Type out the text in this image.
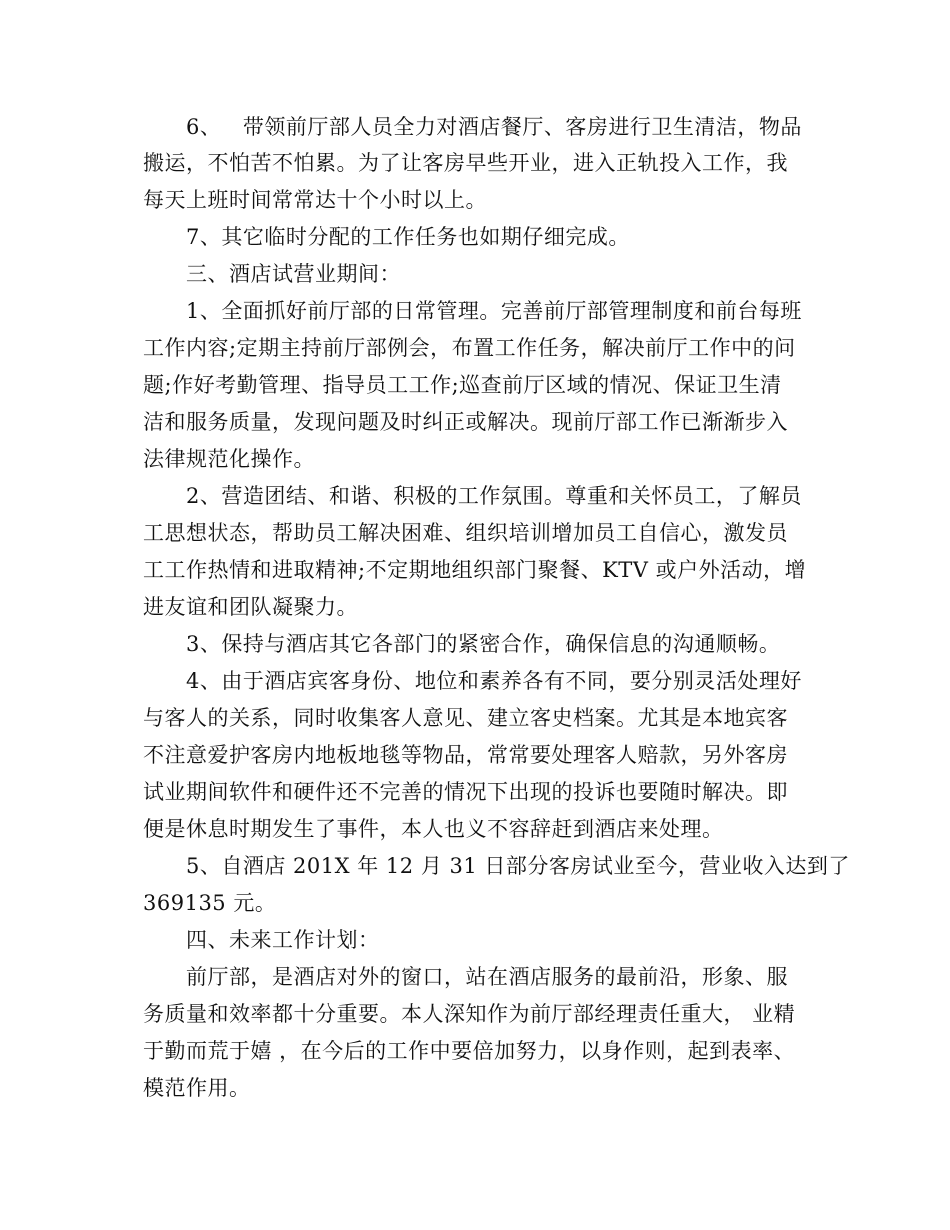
6、   带领前厅部人员全力对酒店餐厅、客房进行卫生清洁，物品
搬运，不怕苦不怕累。为了让客房早些开业，进入正轨投入工作，我
每天上班时间常常达十个小时以上。
7、其它临时分配的工作任务也如期仔细完成。
三、酒店试营业期间：
1、全面抓好前厅部的日常管理。完善前厅部管理制度和前台每班
工作内容;定期主持前厅部例会，布置工作任务，解决前厅工作中的问
题;作好考勤管理、指导员工工作;巡查前厅区域的情况、保证卫生清
洁和服务质量，发现问题及时纠正或解决。现前厅部工作已渐渐步入
法律规范化操作。
2、营造团结、和谐、积极的工作氛围。尊重和关怀员工，了解员
工思想状态，帮助员工解决困难、组织培训增加员工自信心，激发员
工工作热情和进取精神;不定期地组织部门聚餐、KTV 或户外活动，增
进友谊和团队凝聚力。
3、保持与酒店其它各部门的紧密合作，确保信息的沟通顺畅。
4、由于酒店宾客身份、地位和素养各有不同，要分别灵活处理好
与客人的关系，同时收集客人意见、建立客史档案。尤其是本地宾客
不注意爱护客房内地板地毯等物品，常常要处理客人赔款，另外客房
试业期间软件和硬件还不完善的情况下出现的投诉也要随时解决。即
便是休息时期发生了事件，本人也义不容辞赶到酒店来处理。
5、自酒店 201X 年 12 月 31 日部分客房试业至今，营业收入达到了
369135 元。
四、未来工作计划：
前厅部，是酒店对外的窗口，站在酒店服务的最前沿，形象、服
务质量和效率都十分重要。本人深知作为前厅部经理责任重大， 业精
于勤而荒于嬉 ，在今后的工作中要倍加努力，以身作则，起到表率、
模范作用。
